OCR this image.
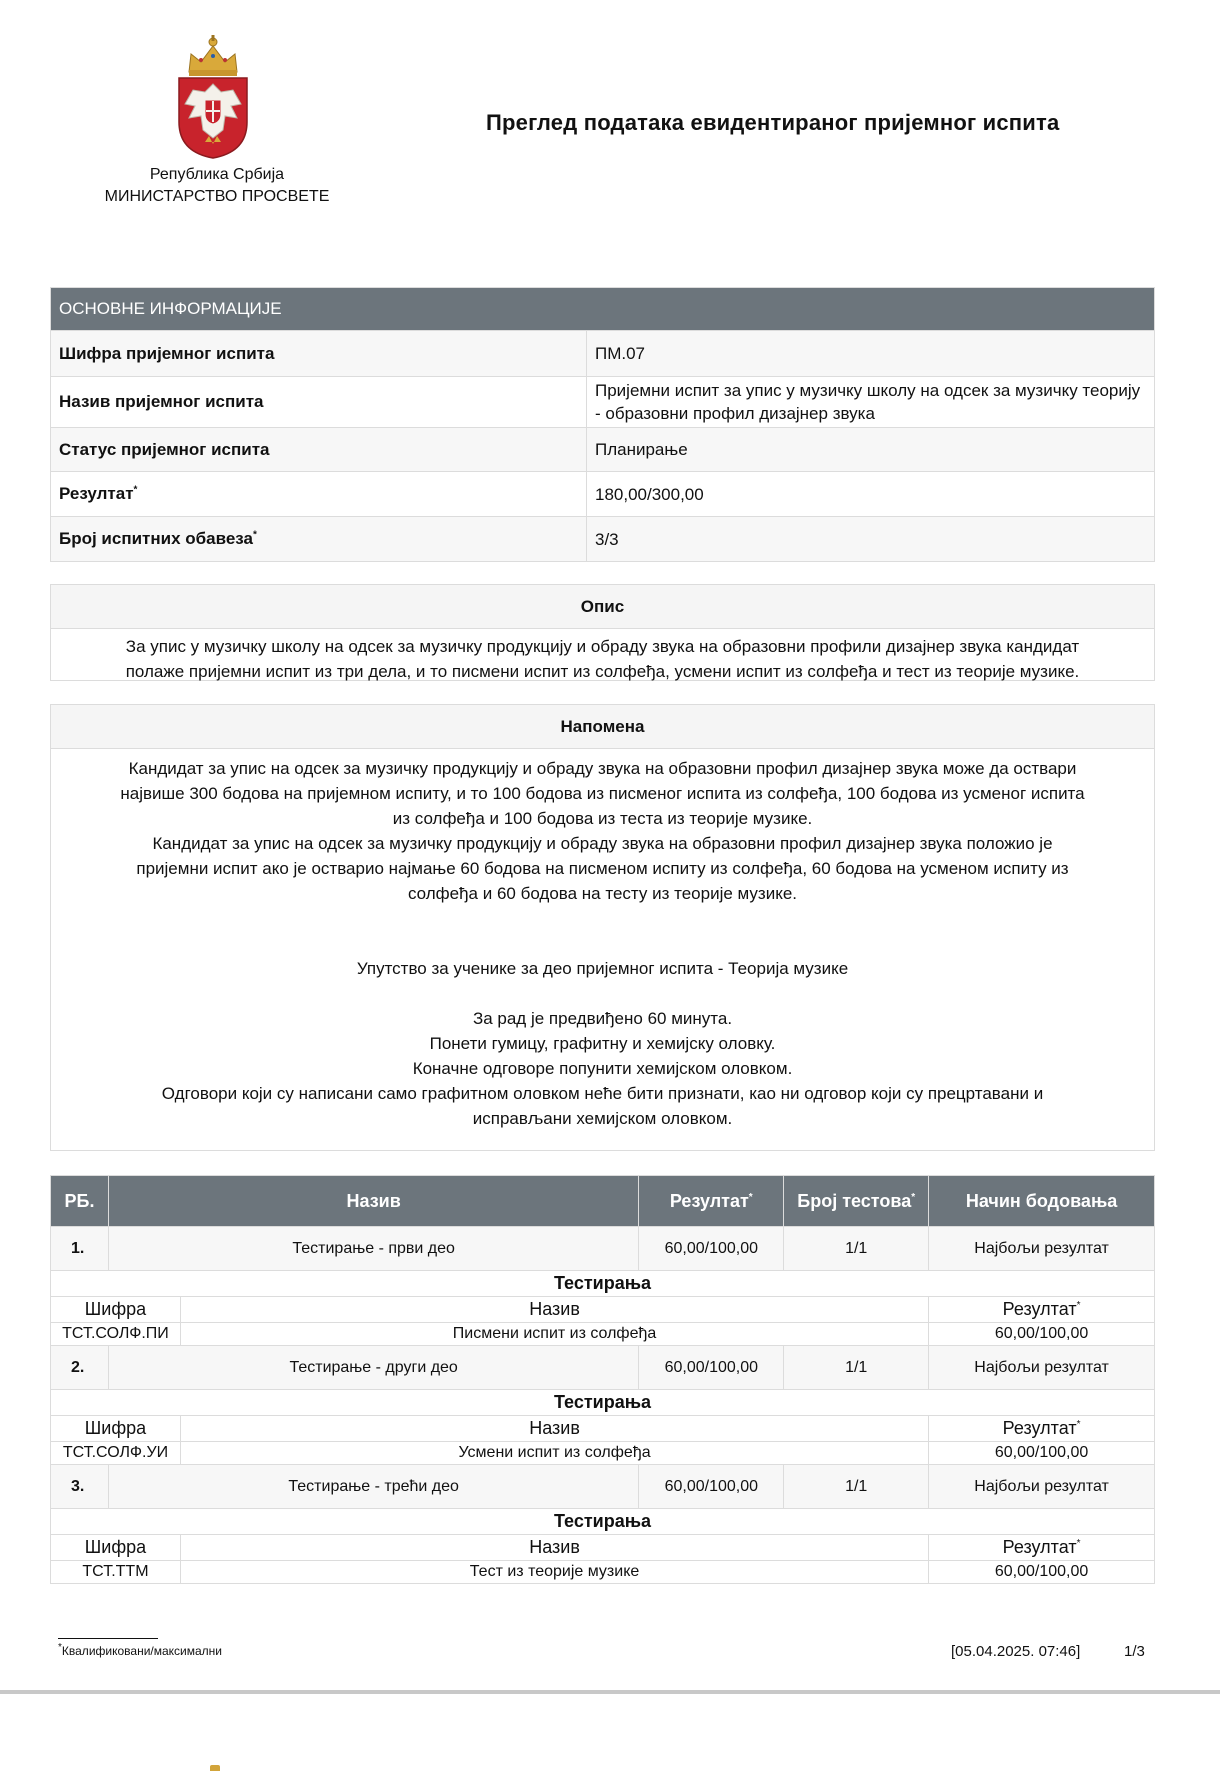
Република Србија
МИНИСТАРСТВО ПРОСВЕТЕ
Преглед података евидентираног пријемног испита
ОСНОВНЕ ИНФОРМАЦИЈЕ	
Шифра пријемног испита	ПМ.07
Назив пријемног испита	Пријемни испит за упис у музичку школу на одсек за музичку теорију - образовни профил дизајнер звука
Статус пријемног испита	Планирање
Резултат*	180,00/300,00
Број испитних обавеза*	3/3
Опис
За упис у музичку школу на одсек за музичку продукцију и обраду звука на образовни профили дизајнер звука кандидат
полаже пријемни испит из три дела, и то писмени испит из солфеђа, усмени испит из солфеђа и тест из теорије музике.
Напомена
Кандидат за упис на одсек за музичку продукцију и обраду звука на образовни профил дизајнер звука може да оствари
највише 300 бодова на пријемном испиту, и то 100 бодова из писменог испита из солфеђа, 100 бодова из усменог испита
из солфеђа и 100 бодова из теста из теорије музике.
Кандидат за упис на одсек за музичку продукцију и обраду звука на образовни профил дизајнер звука положио је
пријемни испит ако је остварио најмање 60 бодова на писменом испиту из солфеђа, 60 бодова на усменом испиту из
солфеђа и 60 бодова на тесту из теорије музике.
Упутство за ученике за део пријемног испита - Теорија музике
За рад је предвиђено 60 минута.
Понети гумицу, графитну и хемијску оловку.
Коначне одговоре попунити хемијском оловком.
Одговори који су написани само графитном оловком неће бити признати, као ни одговор који су прецртавани и
исправљани хемијском оловком.
РБ.	Назив		Резултат*	Број тестова*	Начин бодовања
1.	Тестирање - први део		60,00/100,00	1/1	Најбољи резултат
Тестирања					
Шифра		Назив			Резултат*
ТСТ.СОЛФ.ПИ		Писмени испит из солфеђа			60,00/100,00
2.	Тестирање - други део		60,00/100,00	1/1	Најбољи резултат
Тестирања					
Шифра		Назив			Резултат*
ТСТ.СОЛФ.УИ		Усмени испит из солфеђа			60,00/100,00
3.	Тестирање - трећи део		60,00/100,00	1/1	Најбољи резултат
Тестирања					
Шифра		Назив			Резултат*
ТСТ.ТТМ		Тест из теорије музике			60,00/100,00
*Квалификовани/максимални	[05.04.2025. 07:46]	1/3
